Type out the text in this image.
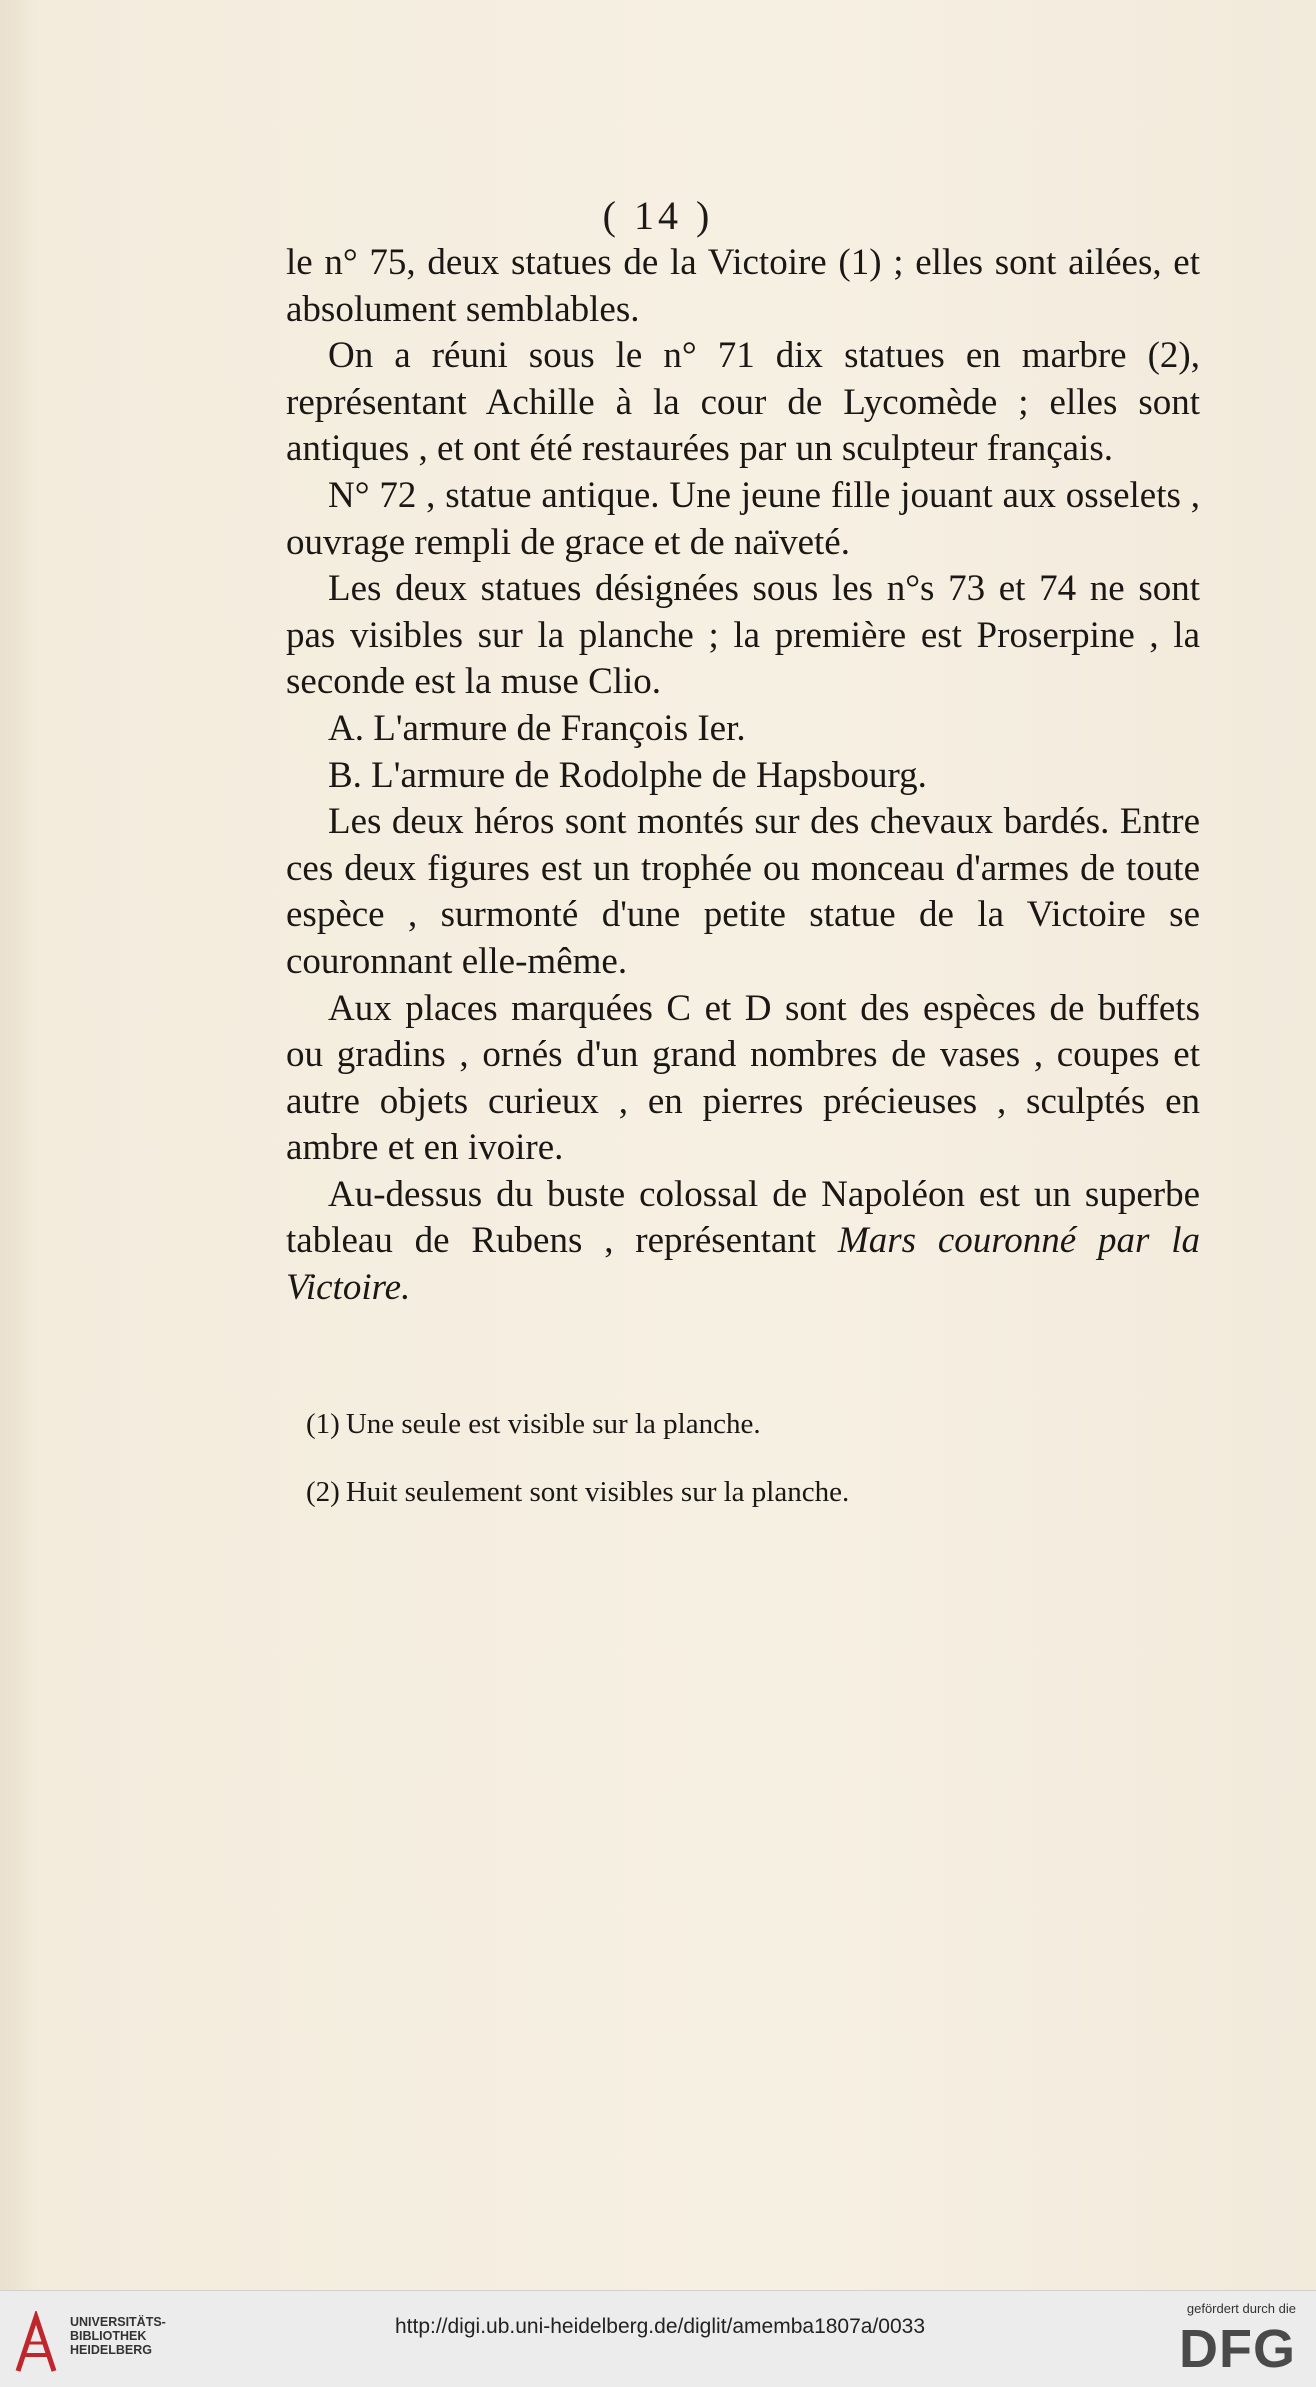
( 14 )

le n° 75, deux statues de la Victoire (1) ; elles sont ailées, et absolument semblables.

On a réuni sous le n° 71 dix statues en marbre (2), représentant Achille à la cour de Lycomède ; elles sont antiques , et ont été restaurées par un sculpteur français.

N° 72 , statue antique. Une jeune fille jouant aux osselets , ouvrage rempli de grace et de naïveté.

Les deux statues désignées sous les n°s 73 et 74 ne sont pas visibles sur la planche ; la première est Proserpine , la seconde est la muse Clio.

A. L'armure de François Ier.

B. L'armure de Rodolphe de Hapsbourg.

Les deux héros sont montés sur des chevaux bardés. Entre ces deux figures est un trophée ou monceau d'armes de toute espèce , surmonté d'une petite statue de la Victoire se couronnant elle-même.

Aux places marquées C et D sont des espèces de buffets ou gradins , ornés d'un grand nombres de vases , coupes et autre objets curieux , en pierres précieuses , sculptés en ambre et en ivoire.

Au-dessus du buste colossal de Napoléon est un superbe tableau de Rubens , représentant Mars couronné par la Victoire.

(1) Une seule est visible sur la planche.

(2) Huit seulement sont visibles sur la planche.

UNIVERSITÄTS-
BIBLIOTHEK
HEIDELBERG
http://digi.ub.uni-heidelberg.de/diglit/amemba1807a/0033
gefördert durch die
DFG
